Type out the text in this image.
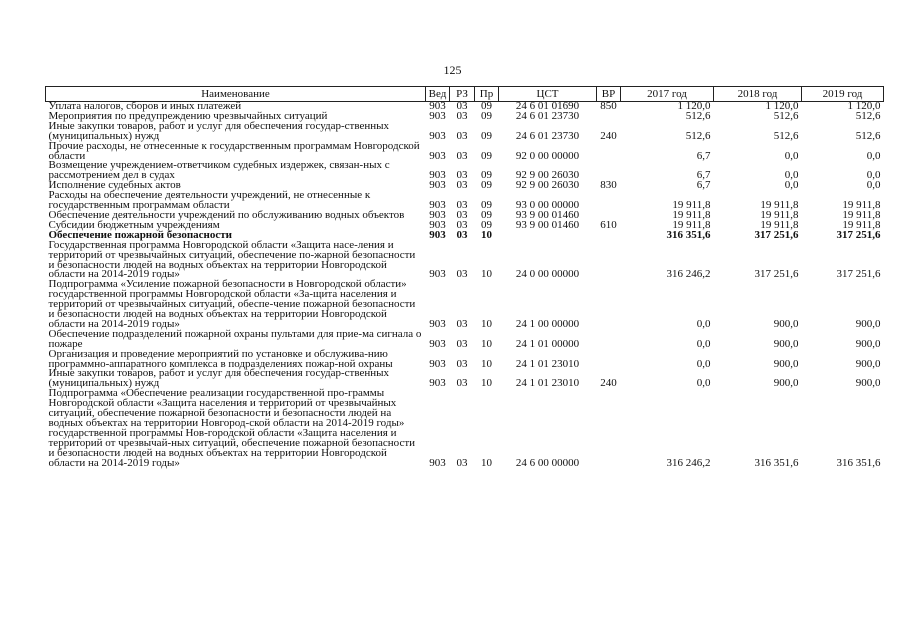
125
Наименование	Вед	РЗ	Пр	ЦСТ	ВР	2017 год	2018 год	2019 год
Уплата налогов, сборов и иных платежей	903	03	09	24 6 01 01690	850	1 120,0	1 120,0	1 120,0
Мероприятия по предупреждению чрезвычайных ситуаций	903	03	09	24 6 01 23730		512,6	512,6	512,6
Иные закупки товаров, работ и услуг для обеспечения государ-ственных (муниципальных) нужд	903	03	09	24 6 01 23730	240	512,6	512,6	512,6
Прочие расходы, не отнесенные к государственным программам Новгородской области	903	03	09	92 0 00 00000		6,7	0,0	0,0
Возмещение учреждением-ответчиком судебных издержек, связан-ных с рассмотрением дел в судах	903	03	09	92 9 00 26030		6,7	0,0	0,0
Исполнение судебных актов	903	03	09	92 9 00 26030	830	6,7	0,0	0,0
Расходы на обеспечение деятельности учреждений, не отнесенные к государственным программам области	903	03	09	93 0 00 00000		19 911,8	19 911,8	19 911,8
Обеспечение деятельности учреждений по обслуживанию водных объектов	903	03	09	93 9 00 01460		19 911,8	19 911,8	19 911,8
Субсидии бюджетным учреждениям	903	03	09	93 9 00 01460	610	19 911,8	19 911,8	19 911,8
Обеспечение пожарной безопасности	903	03	10			316 351,6	317 251,6	317 251,6
Государственная программа Новгородской области «Защита насе-ления и территорий от чрезвычайных ситуаций, обеспечение по-жарной безопасности и безопасности людей на водных объектах на территории Новгородской области на 2014-2019 годы»	903	03	10	24 0 00 00000		316 246,2	317 251,6	317 251,6
Подпрограмма «Усиление пожарной безопасности в Новгородской области» государственной программы Новгородской области «За-щита населения и территорий от чрезвычайных ситуаций, обеспе-чение пожарной безопасности и безопасности людей на водных объектах на территории Новгородской области на 2014-2019 годы»	903	03	10	24 1 00 00000		0,0	900,0	900,0
Обеспечение подразделений пожарной охраны пультами для прие-ма сигнала о пожаре	903	03	10	24 1 01 00000		0,0	900,0	900,0
Организация и проведение мероприятий по установке и обслужива-нию программно-аппаратного комплекса в подразделениях пожар-ной охраны	903	03	10	24 1 01 23010		0,0	900,0	900,0
Иные закупки товаров, работ и услуг для обеспечения государ-ственных (муниципальных) нужд	903	03	10	24 1 01 23010	240	0,0	900,0	900,0
Подпрограмма «Обеспечение реализации государственной про-граммы Новгородской области «Защита населения и территорий от чрезвычайных ситуаций, обеспечение пожарной безопасности и безопасности людей на водных объектах на территории Новгород-ской области на 2014-2019 годы» государственной программы Нов-городской области «Защита населения и территорий от чрезвычай-ных ситуаций, обеспечение пожарной безопасности и безопасности людей на водных объектах на территории Новгородской области на 2014-2019 годы»	903	03	10	24 6 00 00000		316 246,2	316 351,6	316 351,6
